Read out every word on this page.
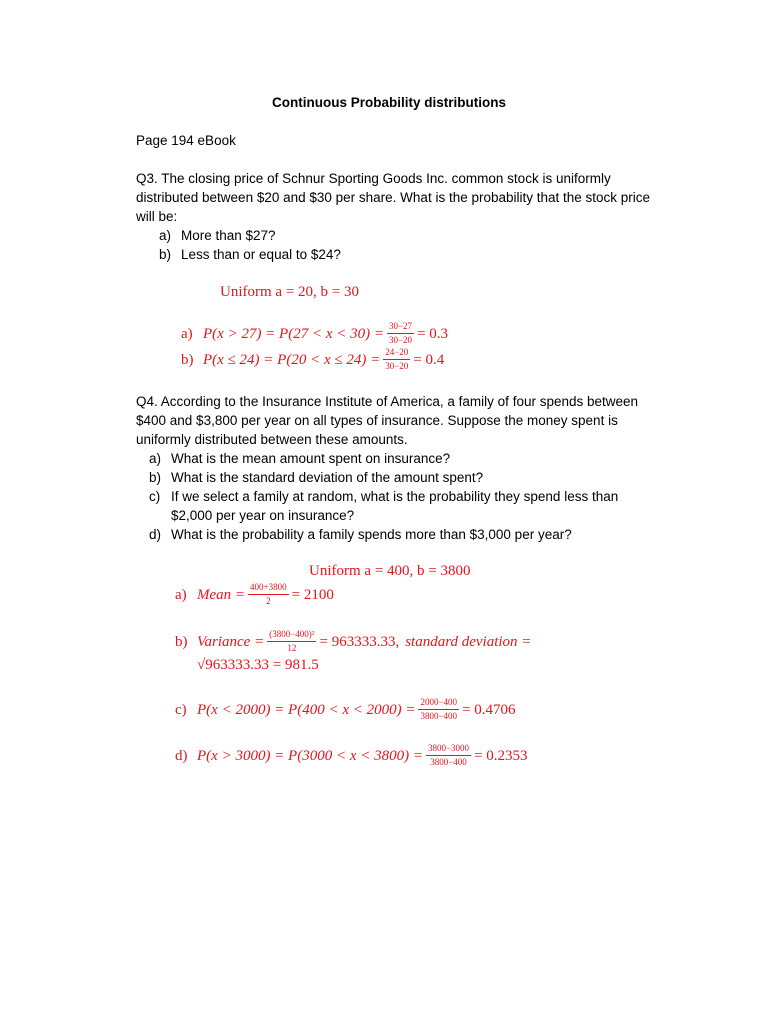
Continuous Probability distributions
Page 194 eBook
Q3. The closing price of Schnur Sporting Goods Inc. common stock is uniformly
distributed between $20 and $30 per share. What is the probability that the stock price
will be:
a) More than $27?
b) Less than or equal to $24?
Uniform a = 20, b = 30
a) $P(x > 27) = P(27 < x < 30) = \frac{30-27}{30-20} = 0.3$
b) $P(x \le 24) = P(20 < x \le 24) = \frac{24-20}{30-20} = 0.4$
Q4. According to the Insurance Institute of America, a family of four spends between
$400 and $3,800 per year on all types of insurance. Suppose the money spent is
uniformly distributed between these amounts.
a) What is the mean amount spent on insurance?
b) What is the standard deviation of the amount spent?
c) If we select a family at random, what is the probability they spend less than
$2,000 per year on insurance?
d) What is the probability a family spends more than $3,000 per year?
Uniform a = 400, b = 3800
a) Mean = $\frac{400+3800}{2} = 2100$
b) Variance = $\frac{\text{(3800−400)²}}{12} = 963333.33$, standard deviation =
√963333.33 = 981.5
c) $P(x < 2000) = P(400 < x < 2000) = \frac{2000-400}{3800-400} = 0.4706$
d) $P(x > 3000) = P(3000 < x < 3800) = \frac{3800-3000}{3800-400} = 0.2353$
